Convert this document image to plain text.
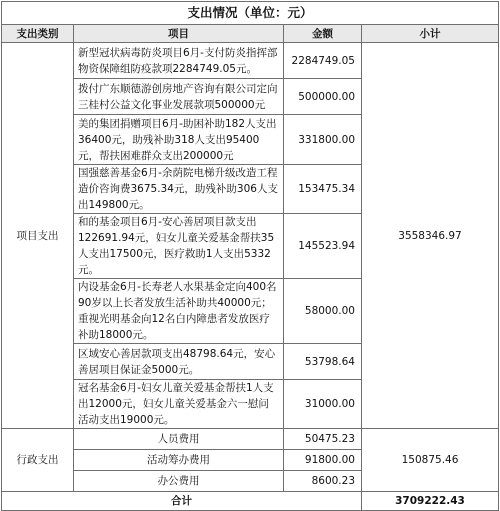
支出情况（单位：元）			
支出类别	项目	金额	小计
项目支出	新型冠状病毒防炎项目6月-支付防炎指挥部物资保障组防疫款项2284749.05元。	2284749.05	3558346.97
	拨付广东顺德游创房地产咨询有限公司定向三桂村公益文化事业发展款项500000元	500000.00	
	美的集团捐赠项目6月-助困补助182人支出36400元，助残补助318人支出95400元，帮扶困难群众支出200000元	331800.00	
	国强慈善基金6月-余荫院电梯升级改造工程造价咨询费3675.34元，助残补助306人支出149800元。	153475.34	
	和的基金项目6月-安心善居项目款支出122691.94元，妇女儿童关爱基金帮扶35人支出17500元，医疗救助1人支出5332元。	145523.94	
	内设基金6月-长寿老人水果基金定向400名90岁以上长者发放生活补助共40000元；重视光明基金向12名白内障患者发放医疗补助18000元。	58000.00	
	区域安心善居款项支出48798.64元，安心善居项目保证金5000元。	53798.64	
	冠名基金6月-妇女儿童关爱基金帮扶1人支出12000元，妇女儿童关爱基金六一慰问活动支出19000元。	31000.00	
行政支出	人员费用	50475.23	150875.46
	活动筹办费用	91800.00	
	办公费用	8600.23	
合计			3709222.43
